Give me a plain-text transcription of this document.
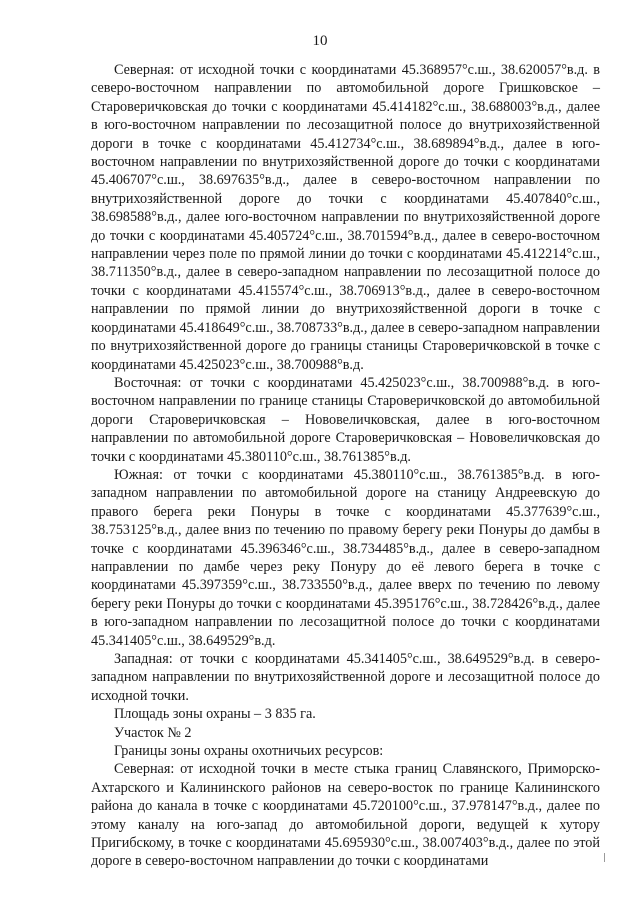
10

Северная: от исходной точки с координатами 45.368957°с.ш., 38.620057°в.д. в северо-восточном направлении по автомобильной дороге Гришковское – Староверичковская до точки с координатами 45.414182°с.ш., 38.688003°в.д., далее в юго-восточном направлении по лесозащитной полосе до внутрихозяйственной дороги в точке с координатами 45.412734°с.ш., 38.689894°в.д., далее в юго-восточном направлении по внутрихозяйственной дороге до точки с координатами 45.406707°с.ш., 38.697635°в.д., далее в северо-восточном направлении по внутрихозяйственной дороге до точки с координатами 45.407840°с.ш., 38.698588°в.д., далее юго-восточном направлении по внутрихозяйственной дороге до точки с координатами 45.405724°с.ш., 38.701594°в.д., далее в северо-восточном направлении через поле по прямой линии до точки с координатами 45.412214°с.ш., 38.711350°в.д., далее в северо-западном направлении по лесозащитной полосе до точки с координатами 45.415574°с.ш., 38.706913°в.д., далее в северо-восточном направлении по прямой линии до внутрихозяйственной дороги в точке с координатами 45.418649°с.ш., 38.708733°в.д., далее в северо-западном направлении по внутрихозяйственной дороге до границы станицы Староверичковской в точке с координатами 45.425023°с.ш., 38.700988°в.д.

Восточная: от точки с координатами 45.425023°с.ш., 38.700988°в.д. в юго-восточном направлении по границе станицы Староверичковской до автомобильной дороги Староверичковская – Нововеличковская, далее в юго-восточном направлении по автомобильной дороге Староверичковская – Нововеличковская до точки с координатами 45.380110°с.ш., 38.761385°в.д.

Южная: от точки с координатами 45.380110°с.ш., 38.761385°в.д. в юго-западном направлении по автомобильной дороге на станицу Андреевскую до правого берега реки Понуры в точке с координатами 45.377639°с.ш., 38.753125°в.д., далее вниз по течению по правому берегу реки Понуры до дамбы в точке с координатами 45.396346°с.ш., 38.734485°в.д., далее в северо-западном направлении по дамбе через реку Понуру до её левого берега в точке с координатами 45.397359°с.ш., 38.733550°в.д., далее вверх по течению по левому берегу реки Понуры до точки с координатами 45.395176°с.ш., 38.728426°в.д., далее в юго-западном направлении по лесозащитной полосе до точки с координатами 45.341405°с.ш., 38.649529°в.д.

Западная: от точки с координатами 45.341405°с.ш., 38.649529°в.д. в северо-западном направлении по внутрихозяйственной дороге и лесозащитной полосе до исходной точки.

Площадь зоны охраны – 3 835 га.

Участок № 2

Границы зоны охраны охотничьих ресурсов:

Северная: от исходной точки в месте стыка границ Славянского, Приморско-Ахтарского и Калининского районов на северо-восток по границе Калининского района до канала в точке с координатами 45.720100°с.ш., 37.978147°в.д., далее по этому каналу на юго-запад до автомобильной дороги, ведущей к хутору Пригибскому, в точке с координатами 45.695930°с.ш., 38.007403°в.д., далее по этой дороге в северо-восточном направлении до точки с координатами
